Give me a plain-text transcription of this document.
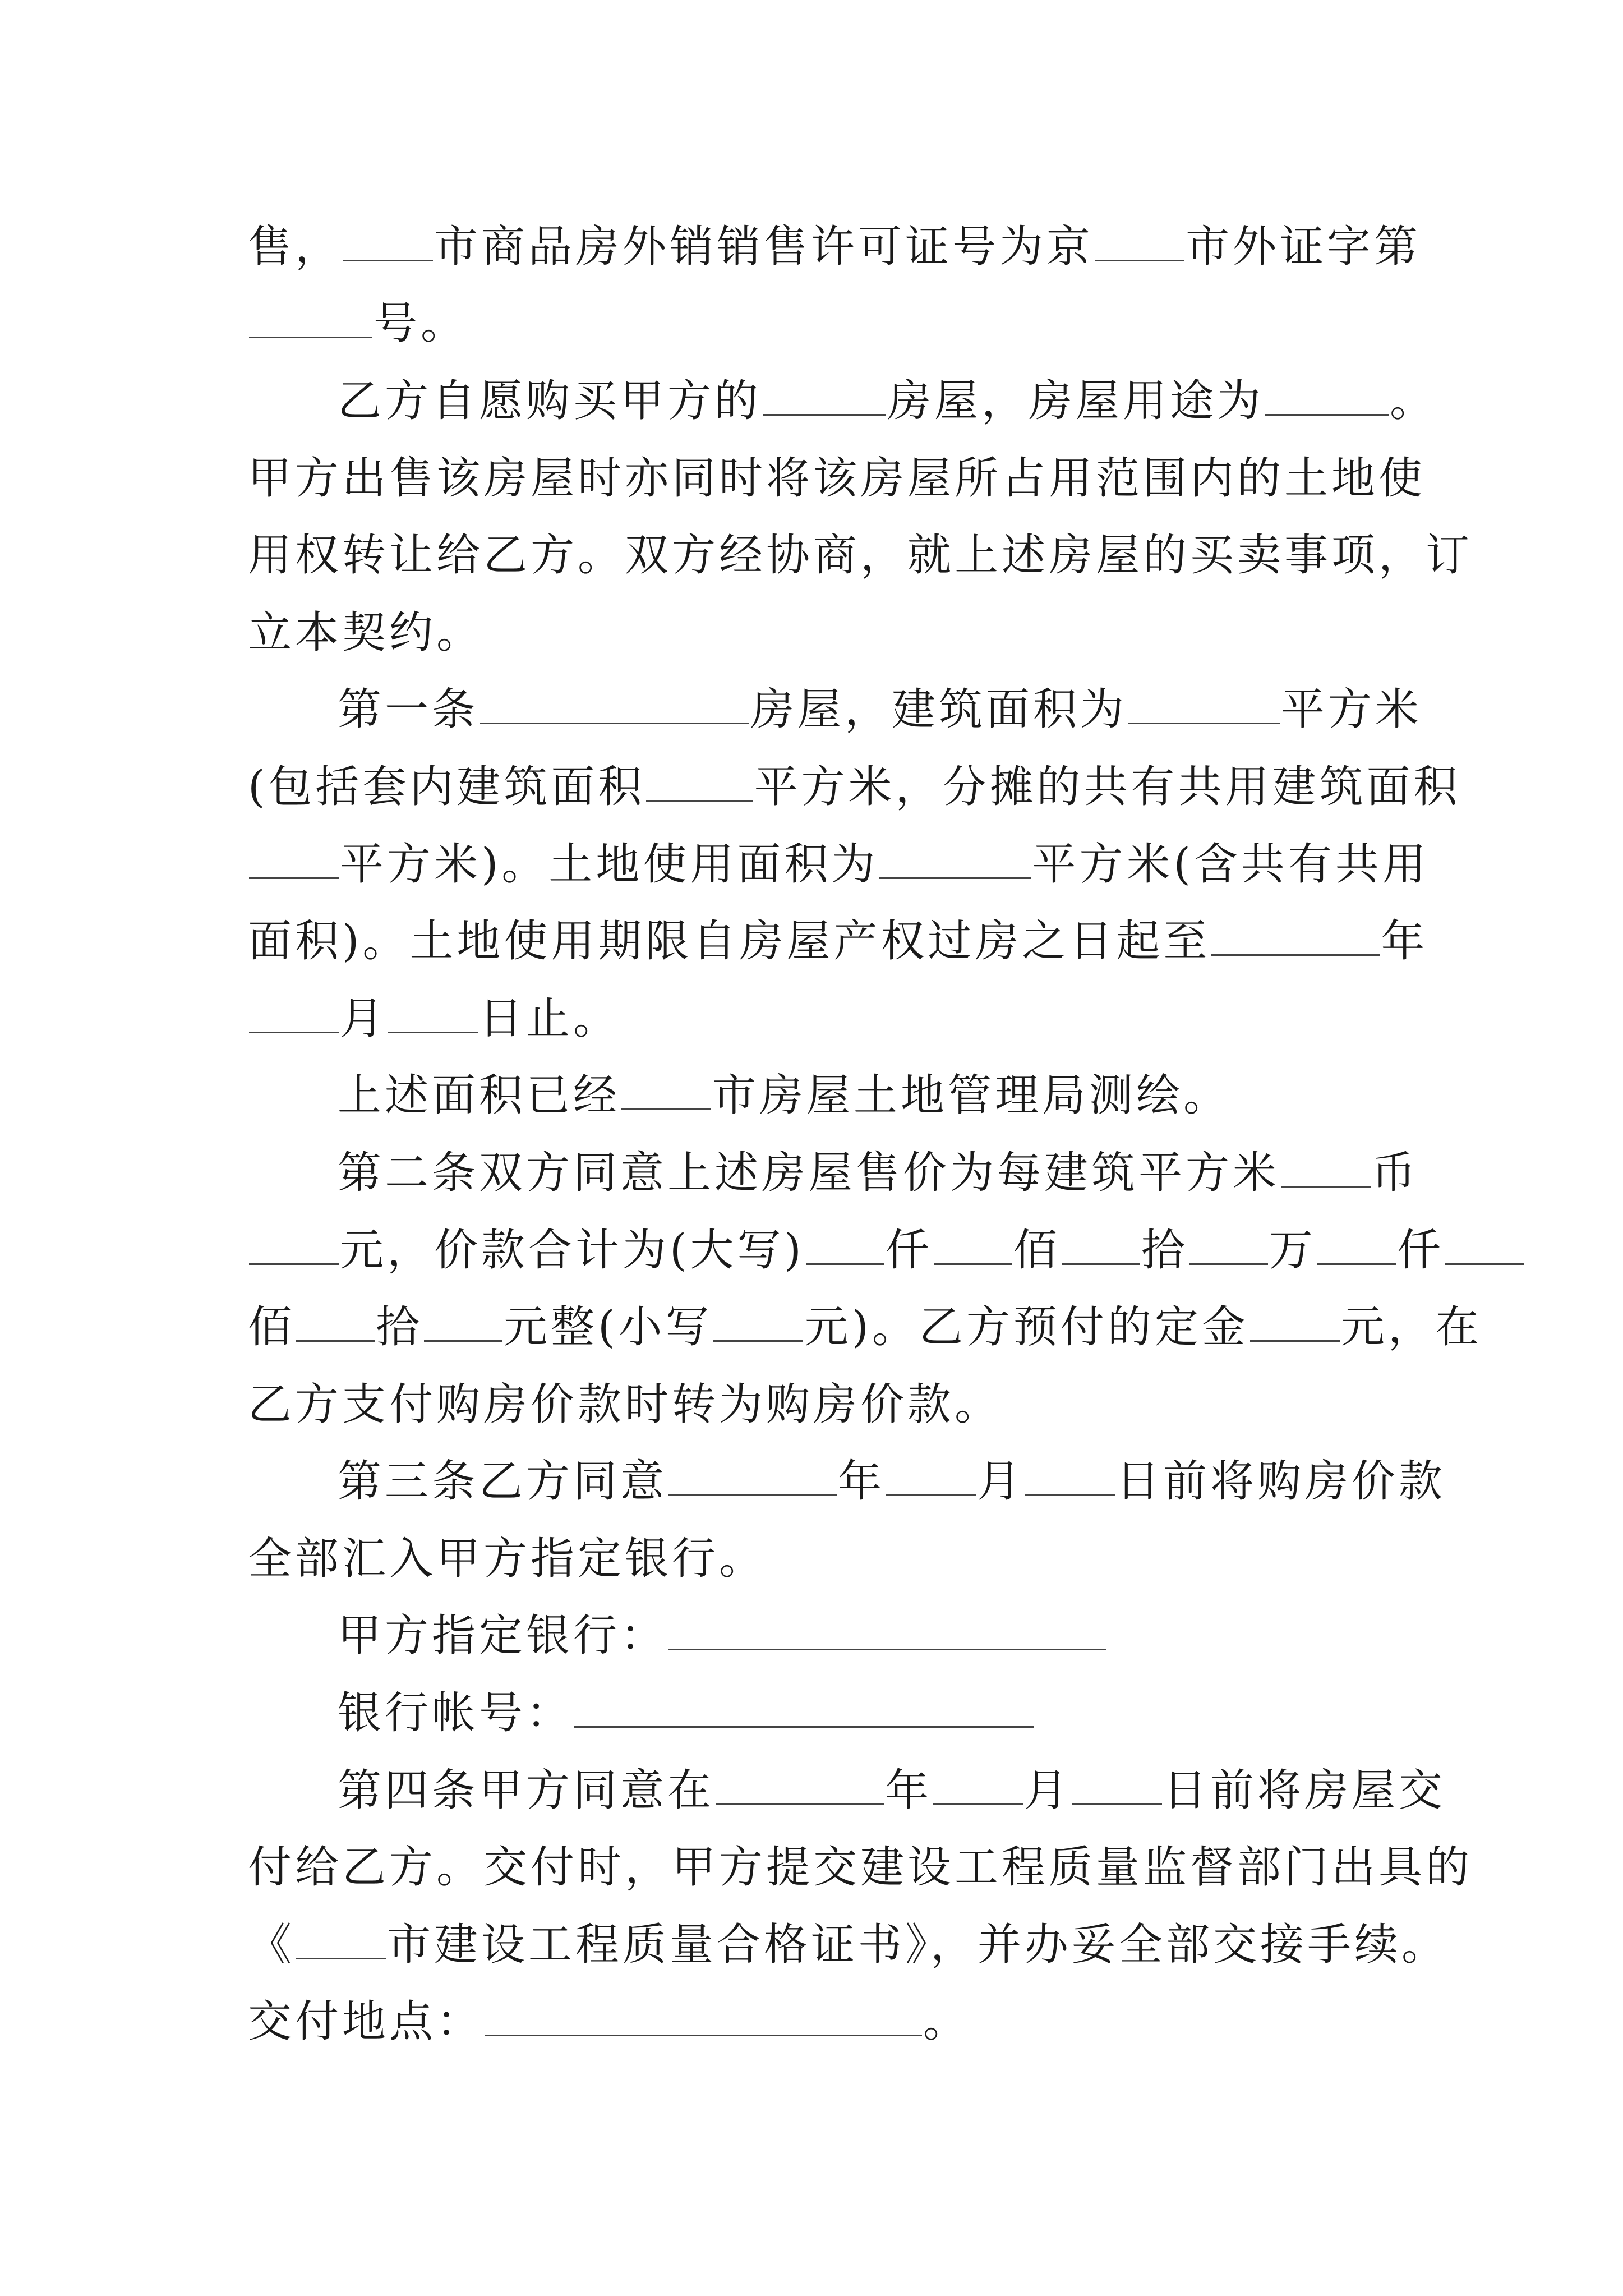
售， 市商品房外销销售许可证号为京 市外证字第
号。
乙方自愿购买甲方的	房屋，房屋用途为	。
甲方出售该房屋时亦同时将该房屋所占用范围内的土地使
用权转让给乙方。双方经协商，就上述房屋的买卖事项，订
立本契约。
第一条	房屋，建筑面积为	平方米
(包括套内建筑面积 平方米，分摊的共有共用建筑面积
平方米)。土地使用面积为	平方米(含共有共用
面积)。土地使用期限自房屋产权过房之日起至	年
月 日止。
上述面积已经 市房屋土地管理局测绘。
第二条双方同意上述房屋售价为每建筑平方米 币
元，价款合计为(大写) 仟 佰 拾 万 仟
佰 拾 元整(小写 元)。乙方预付的定金 元，在
乙方支付购房价款时转为购房价款。
第三条乙方同意	年 月 日前将购房价款
全部汇入甲方指定银行。
甲方指定银行：
银行帐号：
第四条甲方同意在	年 月 日前将房屋交
付给乙方。交付时，甲方提交建设工程质量监督部门出具的
《 市建设工程质量合格证书》，并办妥全部交接手续。
交付地点：	。
